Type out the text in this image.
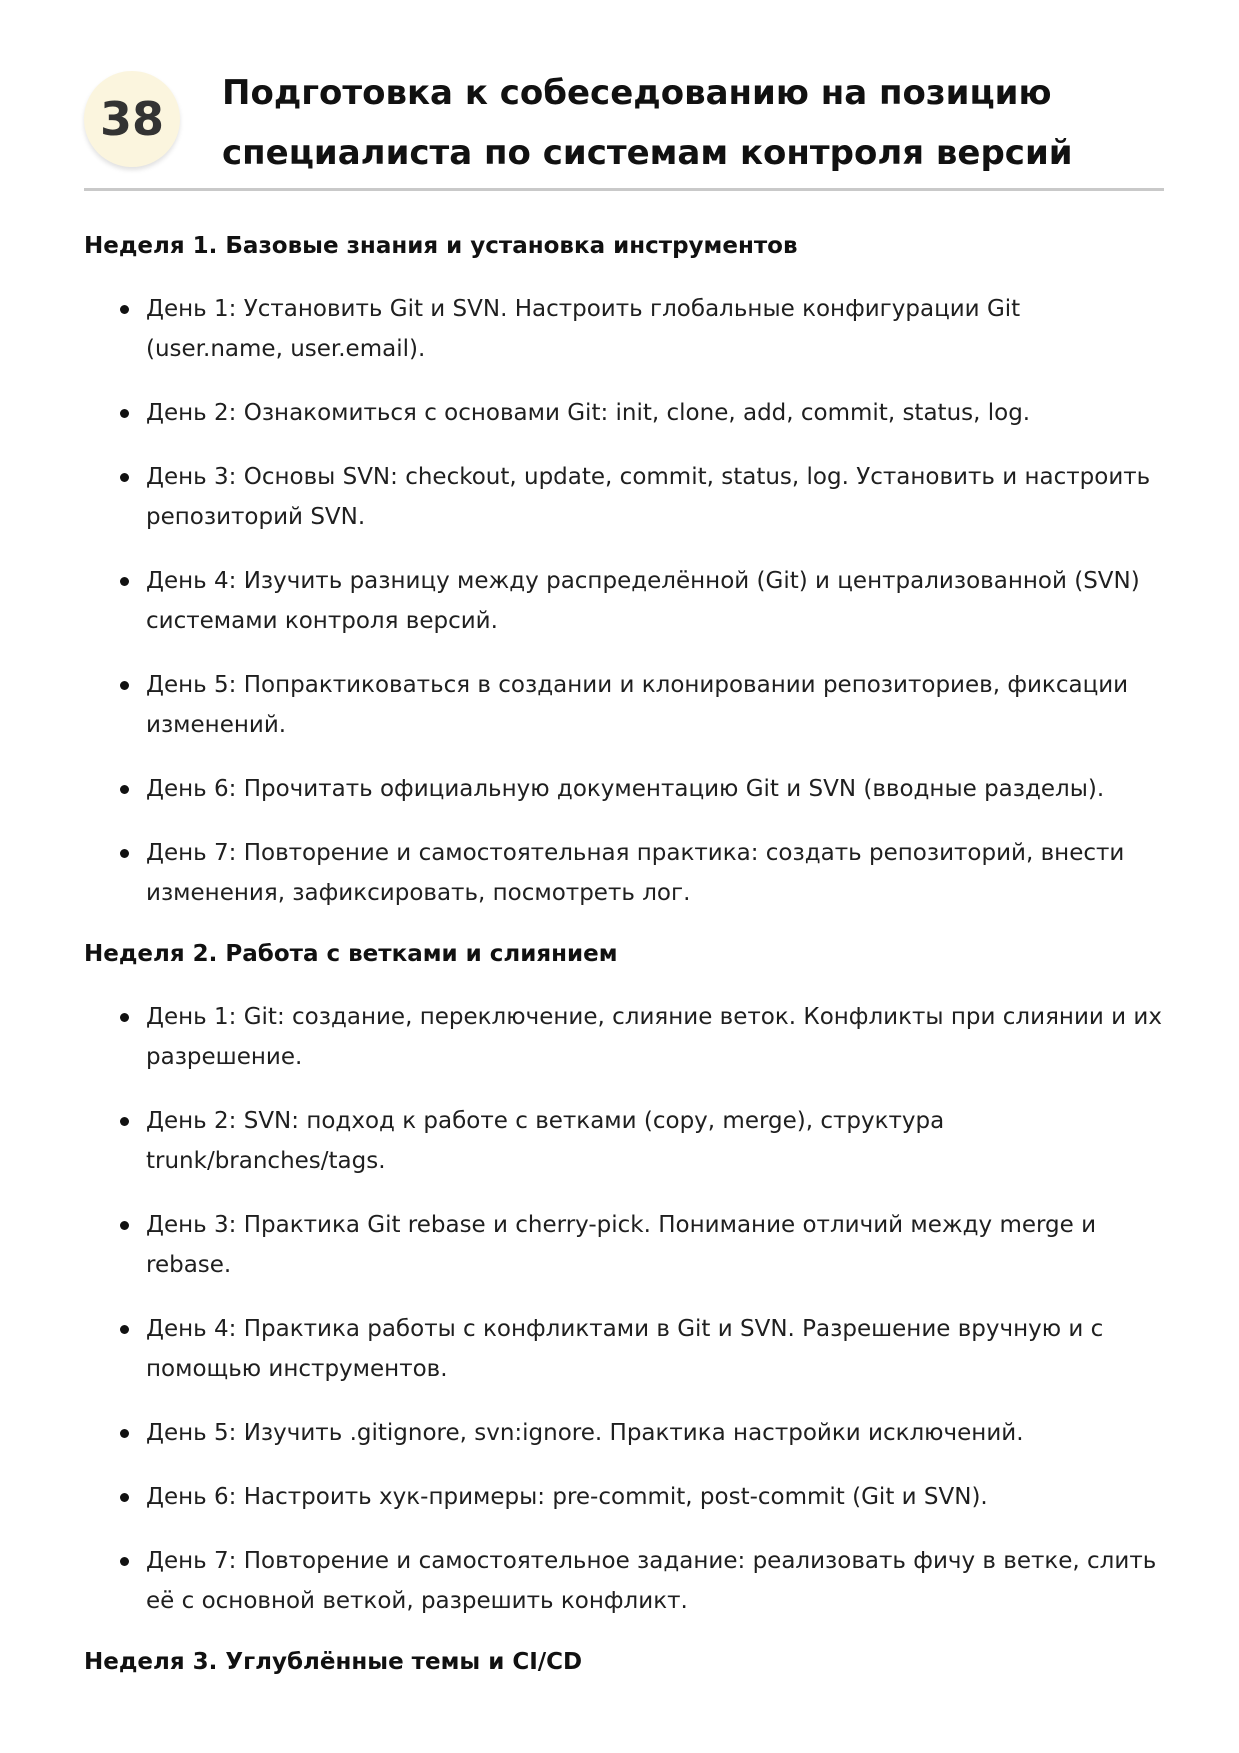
38	Подготовка к собеседованию на позицию специалиста по системам контроля версий
Неделя 1. Базовые знания и установка инструментов
День 1: Установить Git и SVN. Настроить глобальные конфигурации Git (user.name, user.email).
День 2: Ознакомиться с основами Git: init, clone, add, commit, status, log.
День 3: Основы SVN: checkout, update, commit, status, log. Установить и настроить репозиторий SVN.
День 4: Изучить разницу между распределённой (Git) и централизованной (SVN) системами контроля версий.
День 5: Попрактиковаться в создании и клонировании репозиториев, фиксации изменений.
День 6: Прочитать официальную документацию Git и SVN (вводные разделы).
День 7: Повторение и самостоятельная практика: создать репозиторий, внести изменения, зафиксировать, посмотреть лог.
Неделя 2. Работа с ветками и слиянием
День 1: Git: создание, переключение, слияние веток. Конфликты при слиянии и их разрешение.
День 2: SVN: подход к работе с ветками (copy, merge), структура trunk/branches/tags.
День 3: Практика Git rebase и cherry-pick. Понимание отличий между merge и rebase.
День 4: Практика работы с конфликтами в Git и SVN. Разрешение вручную и с помощью инструментов.
День 5: Изучить .gitignore, svn:ignore. Практика настройки исключений.
День 6: Настроить хук-примеры: pre-commit, post-commit (Git и SVN).
День 7: Повторение и самостоятельное задание: реализовать фичу в ветке, слить её с основной веткой, разрешить конфликт.
Неделя 3. Углублённые темы и CI/CD
